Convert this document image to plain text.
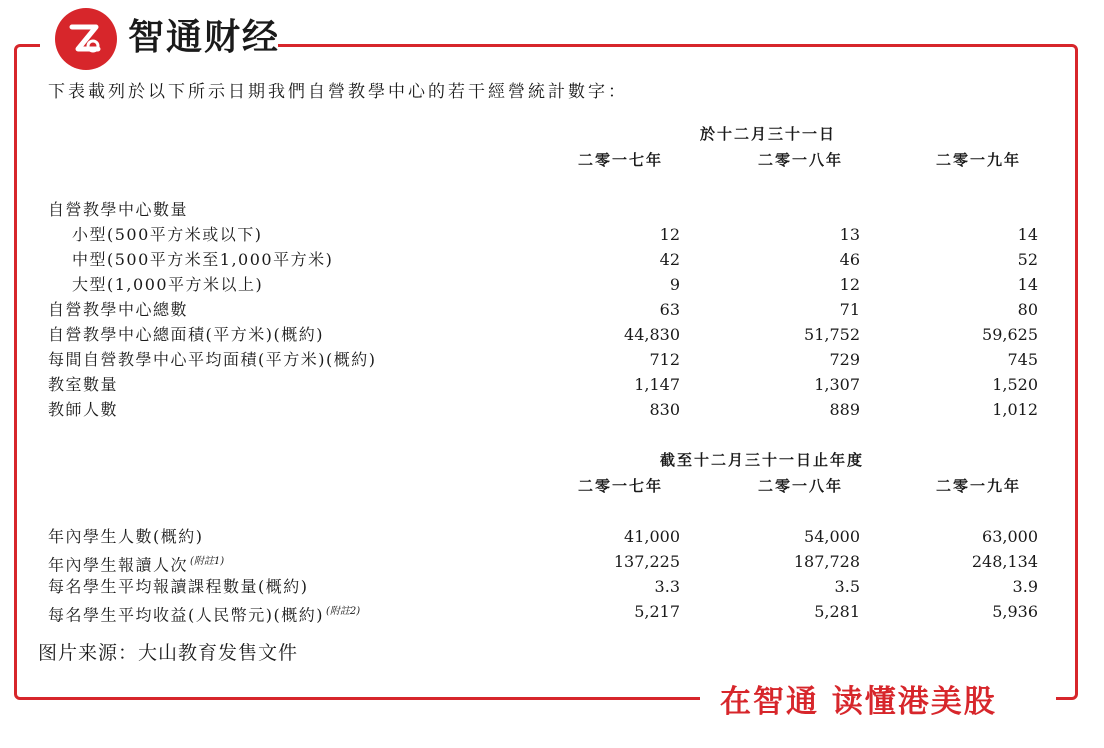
智通财经
下表載列於以下所示日期我們自營教學中心的若干經營統計數字：
於十二月三十一日
二零一七年	二零一八年	二零一九年
自營教學中心數量
小型(500平方米或以下)	12	13	14
中型(500平方米至1,000平方米)	42	46	52
大型(1,000平方米以上)	9	12	14
自營教學中心總數	63	71	80
自營教學中心總面積(平方米)(概約)	44,830	51,752	59,625
每間自營教學中心平均面積(平方米)(概約)	712	729	745
教室數量	1,147	1,307	1,520
教師人數	830	889	1,012
截至十二月三十一日止年度
二零一七年	二零一八年	二零一九年
年內學生人數(概約)	41,000	54,000	63,000
年內學生報讀人次 $^{(附註1)}$	137,225	187,728	248,134
每名學生平均報讀課程數量(概約)	3.3	3.5	3.9
每名學生平均收益(人民幣元)(概約) $^{(附註2)}$	5,217	5,281	5,936
图片来源：大山教育发售文件
在智通 读懂港美股
